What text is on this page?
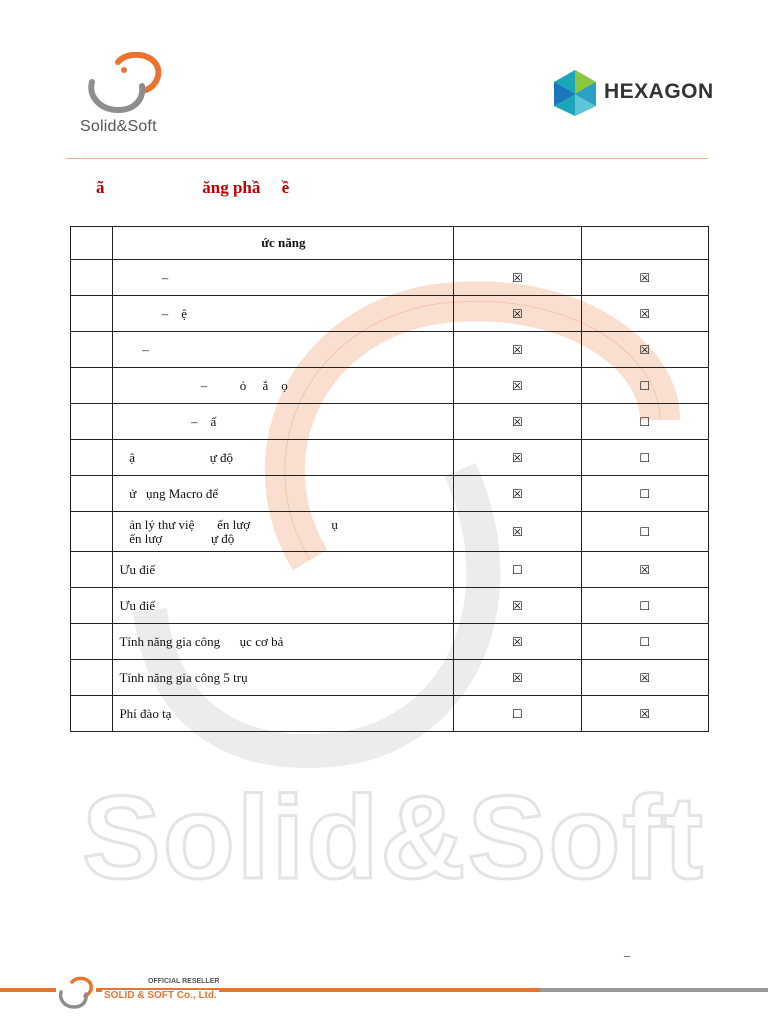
Solid&Soft
Solid&Soft
HEXAGON
ã                       ăng phầ     ề
	ức năng		
	–	☒	☒
	–    ệ	☒	☒
	–	☒	☒
	–          ỏ     ắ    ọ	☒	☐
	–    ấ	☒	☐
	ậ                       ự độ	☒	☐
	ử   ụng Macro để	☒	☐
	ản lý thư việ       ến lượ                         ụ
ến lượ               ự độ	☒	☐
	Ưu điể	☐	☒
	Ưu điể	☒	☐
	Tính năng gia công      ục cơ bả	☒	☐
	Tính năng gia công 5 trụ	☒	☒
	Phí đào tạ	☐	☒
–
OFFICIAL RESELLER
SOLID & SOFT Co., Ltd.
